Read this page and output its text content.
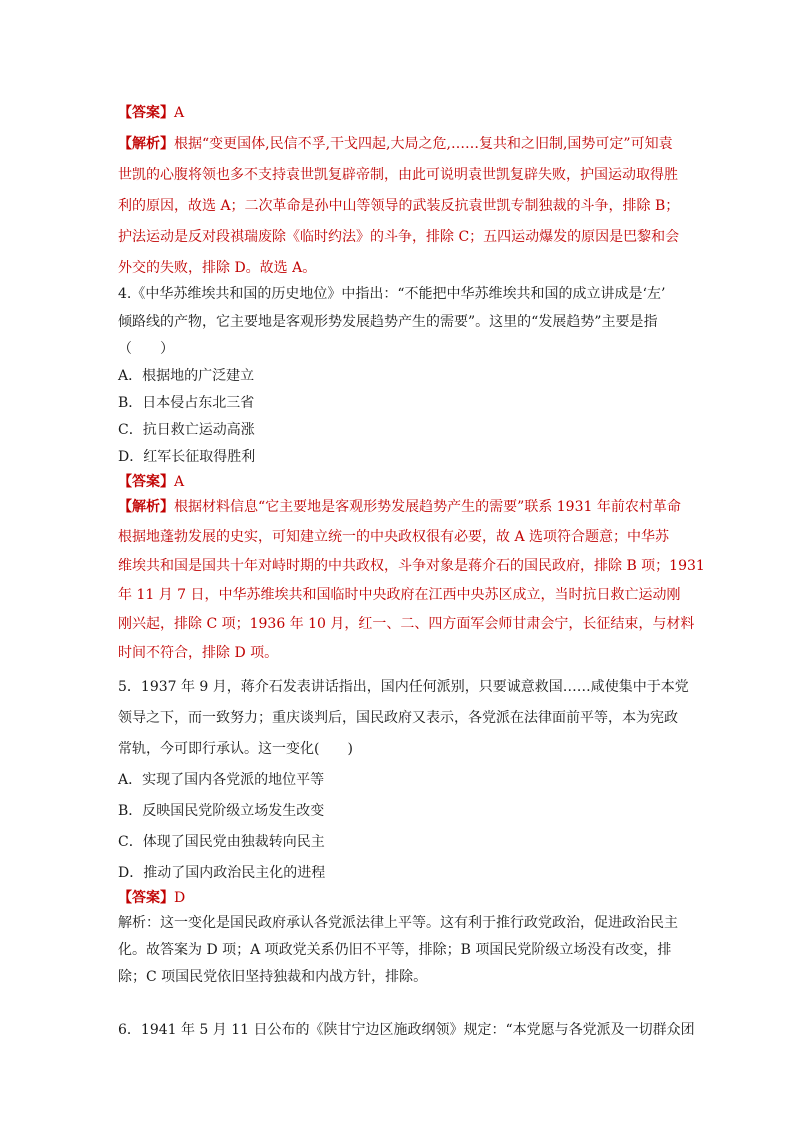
【答案】A
【解析】根据“变更国体,民信不孚,干戈四起,大局之危,……复共和之旧制,国势可定”可知袁
世凯的心腹将领也多不支持袁世凯复辟帝制，由此可说明袁世凯复辟失败，护国运动取得胜
利的原因，故选 A；二次革命是孙中山等领导的武装反抗袁世凯专制独裁的斗争，排除 B；
护法运动是反对段祺瑞废除《临时约法》的斗争，排除 C；五四运动爆发的原因是巴黎和会
外交的失败，排除 D。故选 A。
4.《中华苏维埃共和国的历史地位》中指出：“不能把中华苏维埃共和国的成立讲成是‘左’
倾路线的产物，它主要地是客观形势发展趋势产生的需要”。这里的“发展趋势”主要是指
（　　）
A．根据地的广泛建立
B．日本侵占东北三省
C．抗日救亡运动高涨
D．红军长征取得胜利
【答案】A
【解析】根据材料信息“它主要地是客观形势发展趋势产生的需要”联系 1931 年前农村革命
根据地蓬勃发展的史实，可知建立统一的中央政权很有必要，故 A 选项符合题意；中华苏
维埃共和国是国共十年对峙时期的中共政权，斗争对象是蒋介石的国民政府，排除 B 项；1931
年 11 月 7 日，中华苏维埃共和国临时中央政府在江西中央苏区成立，当时抗日救亡运动刚
刚兴起，排除 C 项；1936 年 10 月，红一、二、四方面军会师甘肃会宁，长征结束，与材料
时间不符合，排除 D 项。
5．1937 年 9 月，蒋介石发表讲话指出，国内任何派别，只要诚意救国……咸使集中于本党
领导之下，而一致努力；重庆谈判后，国民政府又表示，各党派在法律面前平等，本为宪政
常轨，今可即行承认。这一变化(　　)
A．实现了国内各党派的地位平等
B．反映国民党阶级立场发生改变
C．体现了国民党由独裁转向民主
D．推动了国内政治民主化的进程
【答案】D
解析：这一变化是国民政府承认各党派法律上平等。这有利于推行政党政治，促进政治民主
化。故答案为 D 项；A 项政党关系仍旧不平等，排除；B 项国民党阶级立场没有改变，排
除；C 项国民党依旧坚持独裁和内战方针，排除。
6．1941 年 5 月 11 日公布的《陕甘宁边区施政纲领》规定：“本党愿与各党派及一切群众团
